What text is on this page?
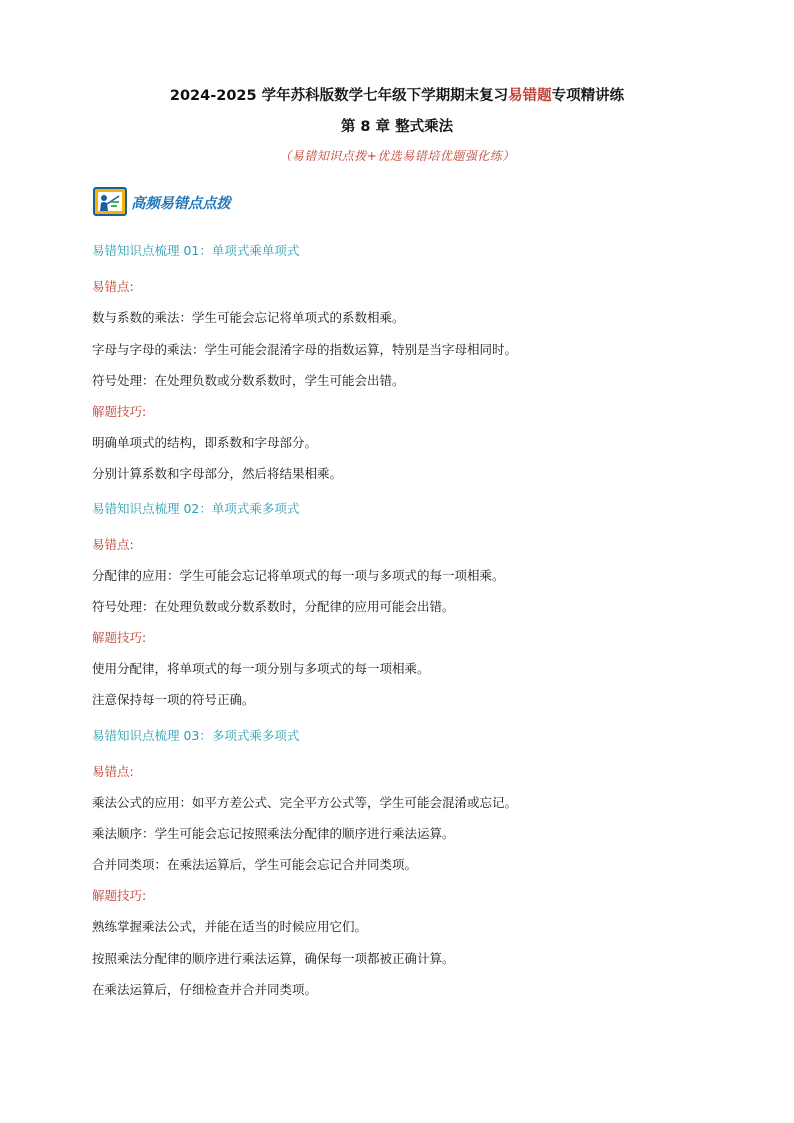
2024-2025 学年苏科版数学七年级下学期期末复习易错题专项精讲练
第 8 章 整式乘法
（易错知识点拨+优选易错培优题强化练）
高频易错点点拨
易错知识点梳理 01：单项式乘单项式
易错点:
数与系数的乘法：学生可能会忘记将单项式的系数相乘。
字母与字母的乘法：学生可能会混淆字母的指数运算，特别是当字母相同时。
符号处理：在处理负数或分数系数时，学生可能会出错。
解题技巧:
明确单项式的结构，即系数和字母部分。
分别计算系数和字母部分，然后将结果相乘。
易错知识点梳理 02：单项式乘多项式
易错点:
分配律的应用：学生可能会忘记将单项式的每一项与多项式的每一项相乘。
符号处理：在处理负数或分数系数时，分配律的应用可能会出错。
解题技巧:
使用分配律，将单项式的每一项分别与多项式的每一项相乘。
注意保持每一项的符号正确。
易错知识点梳理 03：多项式乘多项式
易错点:
乘法公式的应用：如平方差公式、完全平方公式等，学生可能会混淆或忘记。
乘法顺序：学生可能会忘记按照乘法分配律的顺序进行乘法运算。
合并同类项：在乘法运算后，学生可能会忘记合并同类项。
解题技巧:
熟练掌握乘法公式，并能在适当的时候应用它们。
按照乘法分配律的顺序进行乘法运算，确保每一项都被正确计算。
在乘法运算后，仔细检查并合并同类项。
